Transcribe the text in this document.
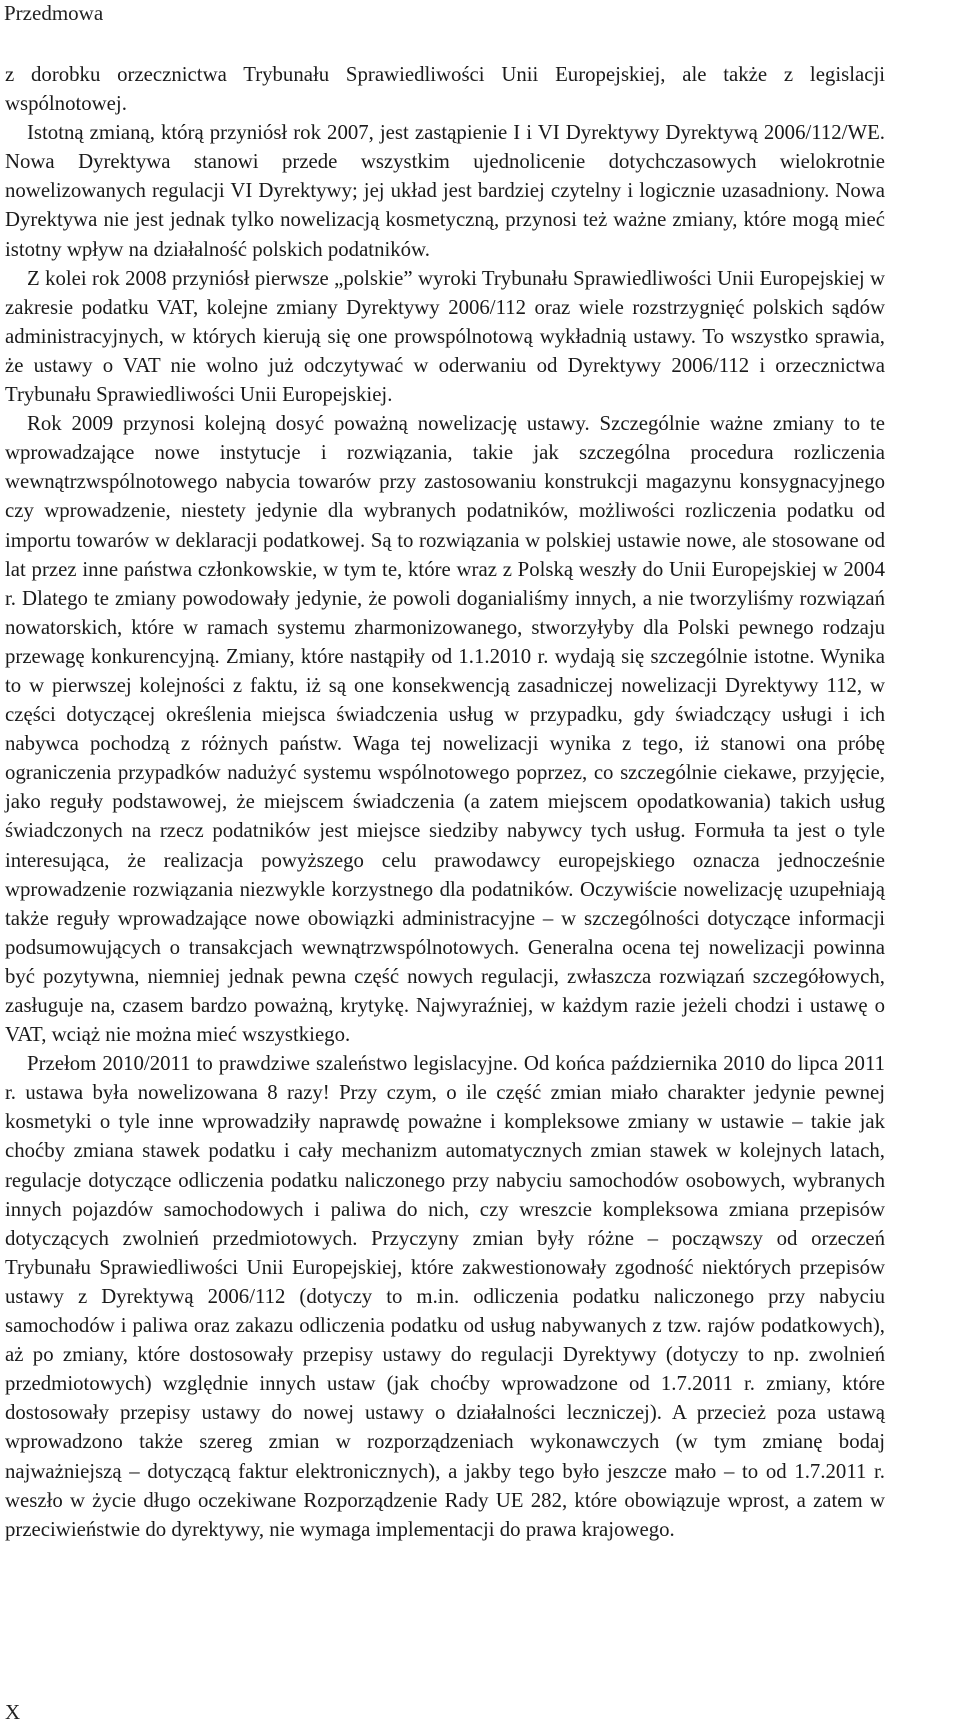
Przedmowa

z dorobku orzecznictwa Trybunału Sprawiedliwości Unii Europejskiej, ale także z legislacji wspólnotowej.

Istotną zmianą, którą przyniósł rok 2007, jest zastąpienie I i VI Dyrektywy Dyrektywą 2006/112/WE. Nowa Dyrektywa stanowi przede wszystkim ujednolicenie dotychczasowych wielokrotnie nowelizowanych regulacji VI Dyrektywy; jej układ jest bardziej czytelny i logicznie uzasadniony. Nowa Dyrektywa nie jest jednak tylko nowelizacją kosmetyczną, przynosi też ważne zmiany, które mogą mieć istotny wpływ na działalność polskich podatników.

Z kolei rok 2008 przyniósł pierwsze „polskie” wyroki Trybunału Sprawiedliwości Unii Europejskiej w zakresie podatku VAT, kolejne zmiany Dyrektywy 2006/112 oraz wiele rozstrzygnięć polskich sądów administracyjnych, w których kierują się one prowspólnotową wykładnią ustawy. To wszystko sprawia, że ustawy o VAT nie wolno już odczytywać w oderwaniu od Dyrektywy 2006/112 i orzecznictwa Trybunału Sprawiedliwości Unii Europejskiej.

Rok 2009 przynosi kolejną dosyć poważną nowelizację ustawy. Szczególnie ważne zmiany to te wprowadzające nowe instytucje i rozwiązania, takie jak szczególna procedura rozliczenia wewnątrzwspólnotowego nabycia towarów przy zastosowaniu konstrukcji magazynu konsygnacyjnego czy wprowadzenie, niestety jedynie dla wybranych podatników, możliwości rozliczenia podatku od importu towarów w deklaracji podatkowej. Są to rozwiązania w polskiej ustawie nowe, ale stosowane od lat przez inne państwa członkowskie, w tym te, które wraz z Polską weszły do Unii Europejskiej w 2004 r. Dlatego te zmiany powodowały jedynie, że powoli doganialiśmy innych, a nie tworzyliśmy rozwiązań nowatorskich, które w ramach systemu zharmonizowanego, stworzyłyby dla Polski pewnego rodzaju przewagę konkurencyjną. Zmiany, które nastąpiły od 1.1.2010 r. wydają się szczególnie istotne. Wynika to w pierwszej kolejności z faktu, iż są one konsekwencją zasadniczej nowelizacji Dyrektywy 112, w części dotyczącej określenia miejsca świadczenia usług w przypadku, gdy świadczący usługi i ich nabywca pochodzą z różnych państw. Waga tej nowelizacji wynika z tego, iż stanowi ona próbę ograniczenia przypadków nadużyć systemu wspólnotowego poprzez, co szczególnie ciekawe, przyjęcie, jako reguły podstawowej, że miejscem świadczenia (a zatem miejscem opodatkowania) takich usług świadczonych na rzecz podatników jest miejsce siedziby nabywcy tych usług. Formuła ta jest o tyle interesująca, że realizacja powyższego celu prawodawcy europejskiego oznacza jednocześnie wprowadzenie rozwiązania niezwykle korzystnego dla podatników. Oczywiście nowelizację uzupełniają także reguły wprowadzające nowe obowiązki administracyjne – w szczególności dotyczące informacji podsumowujących o transakcjach wewnątrzwspólnotowych. Generalna ocena tej nowelizacji powinna być pozytywna, niemniej jednak pewna część nowych regulacji, zwłaszcza rozwiązań szczegółowych, zasługuje na, czasem bardzo poważną, krytykę. Najwyraźniej, w każdym razie jeżeli chodzi i ustawę o VAT, wciąż nie można mieć wszystkiego.

Przełom 2010/2011 to prawdziwe szaleństwo legislacyjne. Od końca października 2010 do lipca 2011 r. ustawa była nowelizowana 8 razy! Przy czym, o ile część zmian miało charakter jedynie pewnej kosmetyki o tyle inne wprowadziły naprawdę poważne i kompleksowe zmiany w ustawie – takie jak choćby zmiana stawek podatku i cały mechanizm automatycznych zmian stawek w kolejnych latach, regulacje dotyczące odliczenia podatku naliczonego przy nabyciu samochodów osobowych, wybranych innych pojazdów samochodowych i paliwa do nich, czy wreszcie kompleksowa zmiana przepisów dotyczących zwolnień przedmiotowych. Przyczyny zmian były różne – począwszy od orzeczeń Trybunału Sprawiedliwości Unii Europejskiej, które zakwestionowały zgodność niektórych przepisów ustawy z Dyrektywą 2006/112 (dotyczy to m.in. odliczenia podatku naliczonego przy nabyciu samochodów i paliwa oraz zakazu odliczenia podatku od usług nabywanych z tzw. rajów podatkowych), aż po zmiany, które dostosowały przepisy ustawy do regulacji Dyrektywy (dotyczy to np. zwolnień przedmiotowych) względnie innych ustaw (jak choćby wprowadzone od 1.7.2011 r. zmiany, które dostosowały przepisy ustawy do nowej ustawy o działalności leczniczej). A przecież poza ustawą wprowadzono także szereg zmian w rozporządzeniach wykonawczych (w tym zmianę bodaj najważniejszą – dotyczącą faktur elektronicznych), a jakby tego było jeszcze mało – to od 1.7.2011 r. weszło w życie długo oczekiwane Rozporządzenie Rady UE 282, które obowiązuje wprost, a zatem w przeciwieństwie do dyrektywy, nie wymaga implementacji do prawa krajowego.

X
